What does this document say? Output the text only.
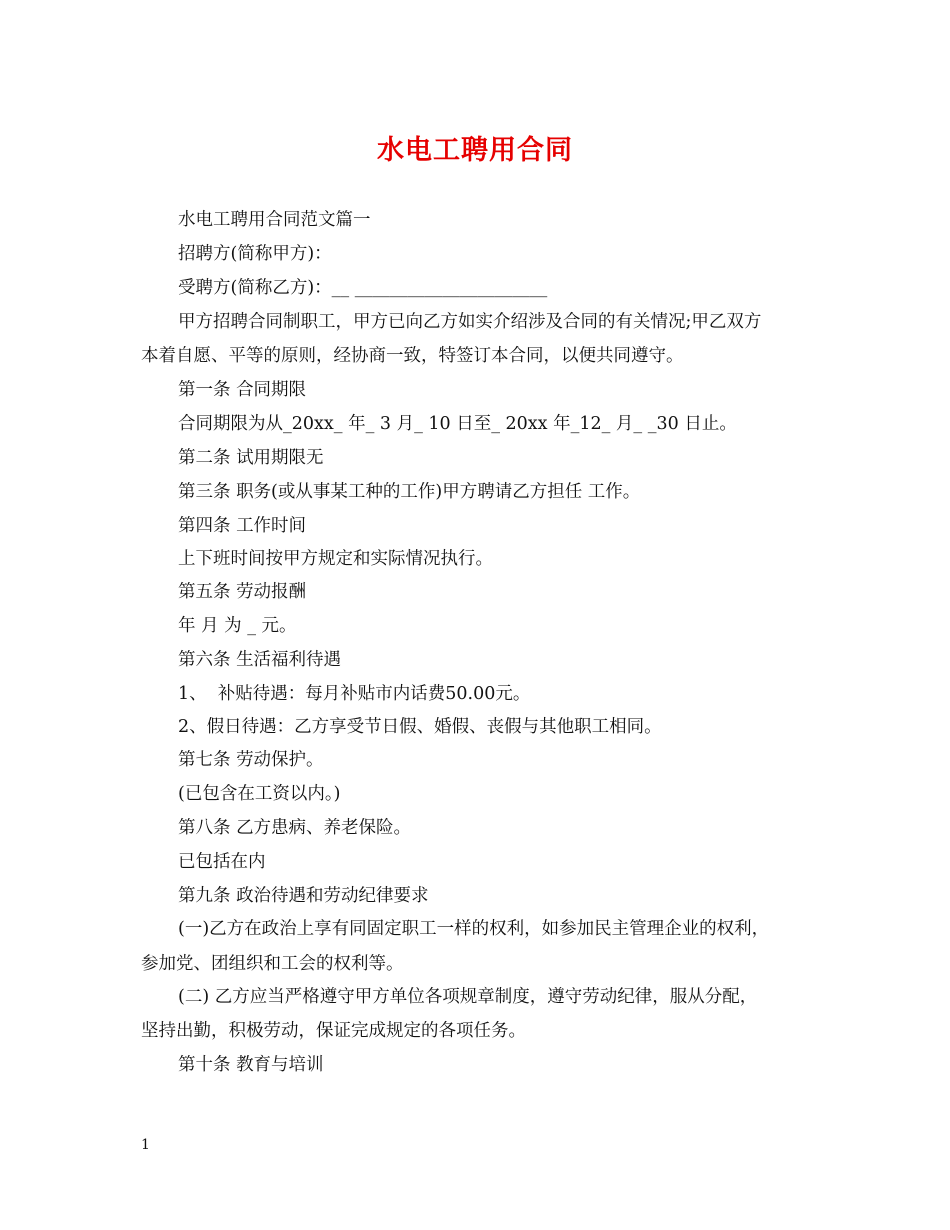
水电工聘用合同
水电工聘用合同范文篇一
招聘方(简称甲方)：
受聘方(简称乙方)：__ ______________________
甲方招聘合同制职工，甲方已向乙方如实介绍涉及合同的有关情况;甲乙双方
本着自愿、平等的原则，经协商一致，特签订本合同，以便共同遵守。
第一条 合同期限
合同期限为从_20xx_ 年_ 3 月_ 10 日至_ 20xx 年_12_ 月_ _30 日止。
第二条 试用期限无
第三条 职务(或从事某工种的工作)甲方聘请乙方担任 工作。
第四条 工作时间
上下班时间按甲方规定和实际情况执行。
第五条 劳动报酬
年 月 为 _ 元。
第六条 生活福利待遇
1、  补贴待遇：每月补贴市内话费50.00元。
2、假日待遇：乙方享受节日假、婚假、丧假与其他职工相同。
第七条 劳动保护。
(已包含在工资以内。)
第八条 乙方患病、养老保险。
已包括在内
第九条 政治待遇和劳动纪律要求
(一)乙方在政治上享有同固定职工一样的权利，如参加民主管理企业的权利，
参加党、团组织和工会的权利等。
(二) 乙方应当严格遵守甲方单位各项规章制度，遵守劳动纪律，服从分配，
坚持出勤，积极劳动，保证完成规定的各项任务。
第十条 教育与培训
1
